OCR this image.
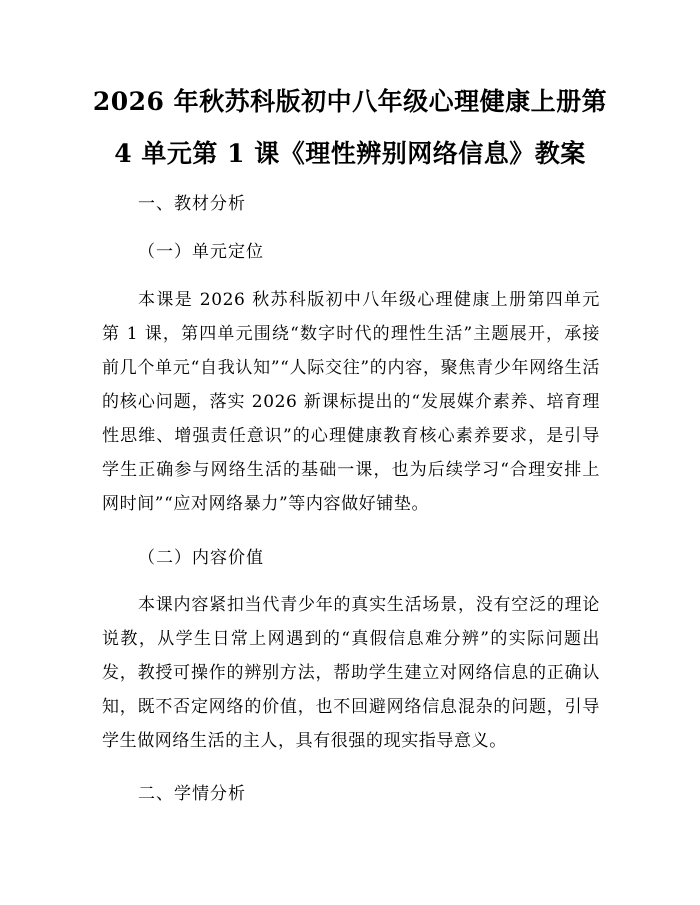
2026 年秋苏科版初中八年级心理健康上册第
4 单元第 1 课《理性辨别网络信息》教案
一、教材分析
（一）单元定位
本课是 2026 秋苏科版初中八年级心理健康上册第四单元第 1 课，第四单元围绕“数字时代的理性生活”主题展开，承接前几个单元“自我认知”“人际交往”的内容，聚焦青少年网络生活的核心问题，落实 2026 新课标提出的“发展媒介素养、培育理性思维、增强责任意识”的心理健康教育核心素养要求，是引导学生正确参与网络生活的基础一课，也为后续学习“合理安排上网时间”“应对网络暴力”等内容做好铺垫。
（二）内容价值
本课内容紧扣当代青少年的真实生活场景，没有空泛的理论说教，从学生日常上网遇到的“真假信息难分辨”的实际问题出发，教授可操作的辨别方法，帮助学生建立对网络信息的正确认知，既不否定网络的价值，也不回避网络信息混杂的问题，引导学生做网络生活的主人，具有很强的现实指导意义。
二、学情分析
